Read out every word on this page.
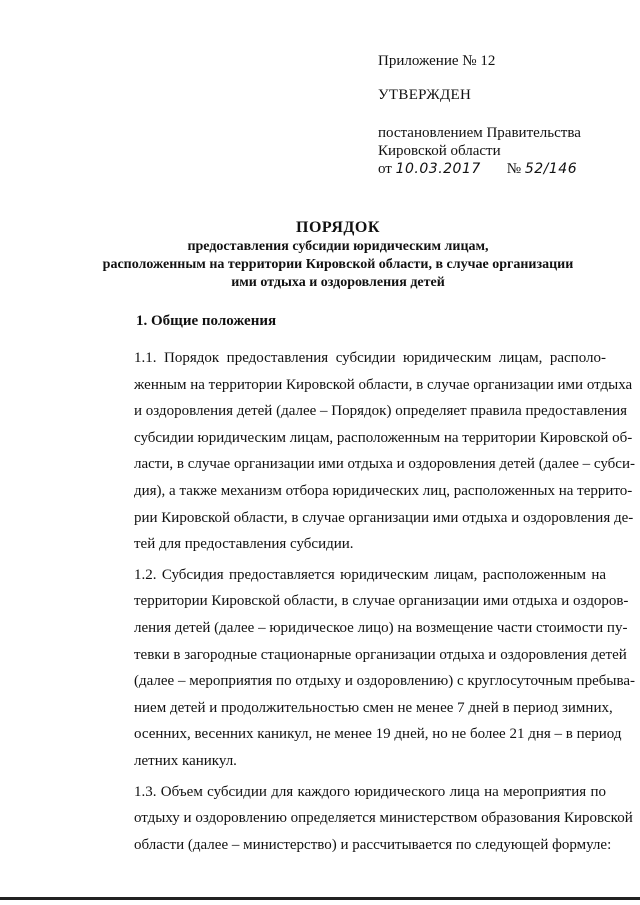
Приложение № 12
УТВЕРЖДЕН
постановлением Правительства
Кировской области
от 10.03.2017 № 52/146
ПОРЯДОК
предоставления субсидии юридическим лицам,
расположенным на территории Кировской области, в случае организации
ими отдыха и оздоровления детей
1. Общие положения

1.1. Порядок предоставления субсидии юридическим лицам, располо-
женным на территории Кировской области, в случае организации ими отдыха
и оздоровления детей (далее – Порядок) определяет правила предоставления
субсидии юридическим лицам, расположенным на территории Кировской об-
ласти, в случае организации ими отдыха и оздоровления детей (далее – субси-
дия), а также механизм отбора юридических лиц, расположенных на террито-
рии Кировской области, в случае организации ими отдыха и оздоровления де-
тей для предоставления субсидии.

1.2. Субсидия предоставляется юридическим лицам, расположенным на
территории Кировской области, в случае организации ими отдыха и оздоров-
ления детей (далее – юридическое лицо) на возмещение части стоимости пу-
тевки в загородные стационарные организации отдыха и оздоровления детей
(далее – мероприятия по отдыху и оздоровлению) с круглосуточным пребыва-
нием детей и продолжительностью смен не менее 7 дней в период зимних,
осенних, весенних каникул, не менее 19 дней, но не более 21 дня – в период
летних каникул.

1.3. Объем субсидии для каждого юридического лица на мероприятия по
отдыху и оздоровлению определяется министерством образования Кировской
области (далее – министерство) и рассчитывается по следующей формуле:
